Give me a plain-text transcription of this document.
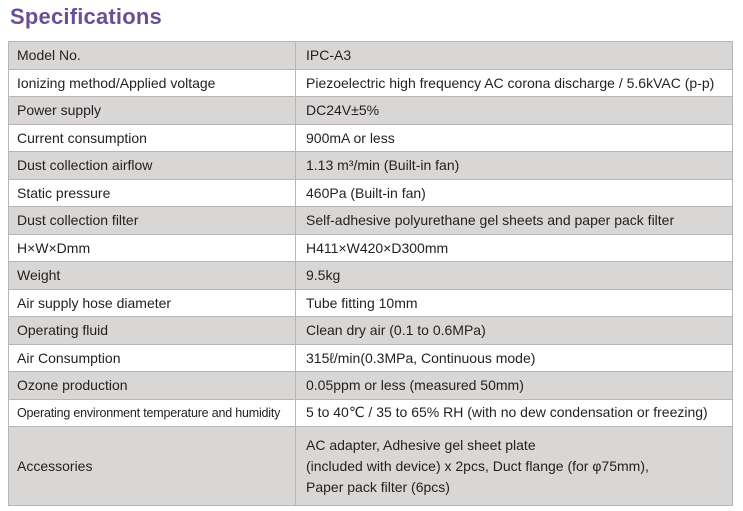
Specifications
Model No.	IPC-A3
Ionizing method/Applied voltage	Piezoelectric high frequency AC corona discharge / 5.6kVAC (p-p)
Power supply	DC24V±5%
Current consumption	900mA or less
Dust collection airflow	1.13 m³/min (Built-in fan)
Static pressure	460Pa (Built-in fan)
Dust collection filter	Self-adhesive polyurethane gel sheets and paper pack filter
H×W×Dmm	H411×W420×D300mm
Weight	9.5kg
Air supply hose diameter	Tube fitting 10mm
Operating fluid	Clean dry air (0.1 to 0.6MPa)
Air Consumption	315ℓ/min(0.3MPa, Continuous mode)
Ozone production	0.05ppm or less (measured 50mm)
Operating environment temperature and humidity	5 to 40℃ / 35 to 65% RH (with no dew condensation or freezing)
Accessories	AC adapter, Adhesive gel sheet plate
(included with device) x 2pcs, Duct flange (for φ75mm),
Paper pack filter (6pcs)
